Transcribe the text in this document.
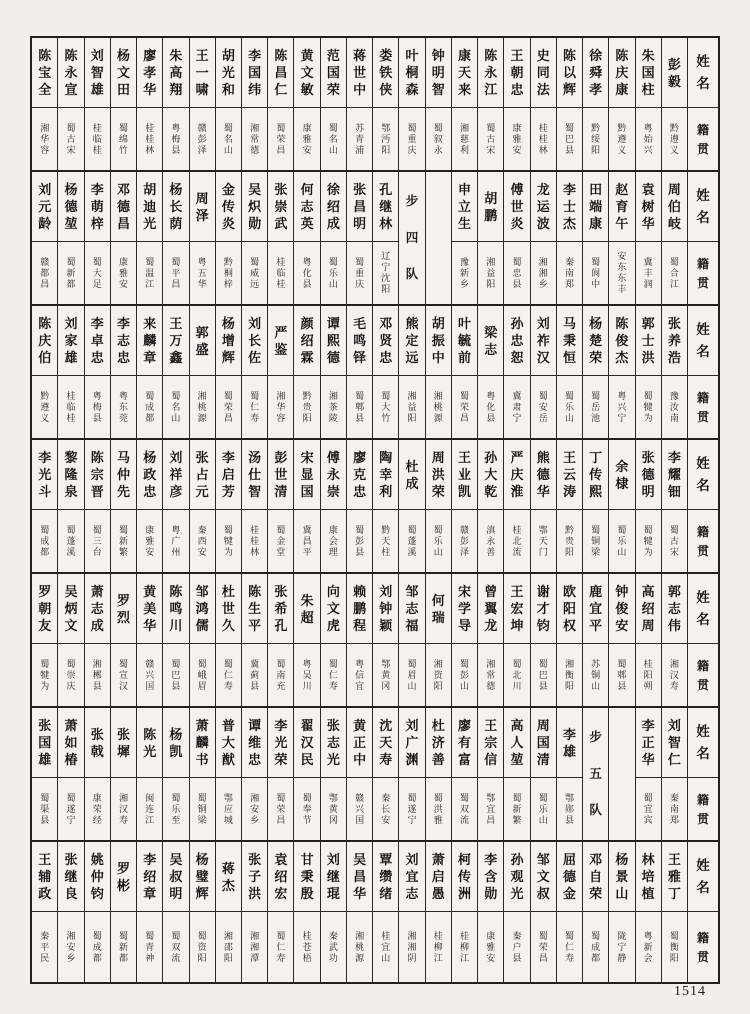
姓
名
籍
贯
彭
毅
黔
遵
义
朱
国
柱
粤
始
兴
陈
庆
康
黔
遵
义
徐
舜
孝
黔
绥
阳
陈
以
辉
蜀
巴
县
史
同
法
桂
桂
林
王
朝
忠
康
雅
安
陈
永
江
蜀
古
宋
康
天
来
湘
慈
利
钟
明
智
蜀
叙
永
叶
桐
森
蜀
重
庆
娄
铁
侠
鄂
沔
阳
蒋
世
中
苏
青
浦
范
国
荣
蜀
名
山
黄
文
敏
康
雅
安
陈
昌
仁
蜀
荣
昌
李
国
纬
湘
常
德
胡
光
和
蜀
名
山
王
一
啸
赣
彭
泽
朱
高
翔
粤
梅
县
廖
孝
华
桂
桂
林
杨
文
田
蜀
绵
竹
刘
智
雄
桂
临
桂
陈
永
宣
蜀
古
宋
陈
宝
全
湘
华
容
姓
名
籍
贯
周
伯
岐
蜀
合
江
袁
树
华
冀
丰
润
赵
育
午
安
东
东
丰
田
端
康
蜀
阆
中
李
士
杰
秦
南
郑
龙
运
波
湘
湘
乡
傅
世
炎
蜀
忠
县
胡
鹏
湘
益
阳
申
立
生
豫
新
乡
步
四
队
孔
继
林
辽
宁
沈
阳
张
昌
明
蜀
重
庆
徐
绍
成
蜀
乐
山
何
志
英
粤
化
县
张
崇
武
桂
临
桂
吴
炽
勋
蜀
威
远
金
传
炎
黔
桐
梓
周
泽
粤
五
华
杨
长
荫
蜀
平
昌
胡
迪
光
蜀
温
江
邓
德
昌
康
雅
安
李
萌
梓
蜀
大
足
杨
德
堃
蜀
新
都
刘
元
龄
赣
都
昌
姓
名
籍
贯
张
养
浩
豫
汝
南
郭
士
洪
蜀
犍
为
陈
俊
杰
粤
兴
宁
杨
楚
荣
蜀
岳
池
马
秉
恒
蜀
乐
山
刘
祚
汉
蜀
安
岳
孙
忠
恕
冀
肃
宁
梁
志
粤
化
县
叶
毓
前
蜀
荣
昌
胡
振
中
湘
桃
源
熊
定
远
湘
益
阳
邓
贤
忠
蜀
大
竹
毛
鸣
铎
蜀
郫
县
谭
熙
德
湘
茶
陵
颜
绍
霖
黔
贵
阳
严
鉴
湘
华
容
刘
长
佐
蜀
仁
寿
杨
增
辉
蜀
荣
昌
郭
盛
湘
桃
源
王
万
鑫
蜀
名
山
来
麟
章
蜀
成
都
李
志
忠
粤
东
莞
李
卓
忠
粤
梅
县
刘
家
雄
桂
临
桂
陈
庆
伯
黔
遵
义
姓
名
籍
贯
李
耀
钿
蜀
古
宋
张
德
明
蜀
犍
为
余
棣
蜀
乐
山
丁
传
熙
蜀
铜
梁
王
云
涛
黔
贵
阳
熊
德
华
鄂
天
门
严
庆
淮
桂
北
流
孙
大
乾
滇
永
善
王
业
凯
赣
彭
泽
周
洪
荣
蜀
乐
山
杜
成
蜀
蓬
溪
陶
幸
利
黔
天
柱
廖
克
忠
蜀
彭
县
傅
永
崇
康
会
理
宋
显
国
冀
昌
平
彭
世
清
蜀
金
堂
汤
仕
智
桂
桂
林
李
启
芳
蜀
犍
为
张
占
元
秦
西
安
刘
祥
彦
粤
广
州
杨
政
忠
康
雅
安
马
仲
先
蜀
新
繁
陈
宗
晋
蜀
三
台
黎
隆
泉
蜀
蓬
溪
李
光
斗
蜀
成
都
姓
名
籍
贯
郭
志
伟
湘
汉
寿
高
绍
周
桂
阳
朔
钟
俊
安
蜀
郫
县
鹿
宜
平
苏
铜
山
欧
阳
权
湘
衡
阳
谢
才
钧
蜀
巴
县
王
宏
坤
蜀
北
川
曾
翼
龙
湘
常
德
宋
学
导
蜀
彭
山
何
瑞
湘
资
阳
邹
志
福
蜀
眉
山
刘
钟
颖
鄂
黄
冈
赖
鹏
程
粤
信
宜
向
文
虎
蜀
仁
寿
朱
超
粤
吴
川
张
希
孔
蜀
南
充
陈
生
平
冀
蓟
县
杜
世
久
蜀
仁
寿
邹
鸿
儒
蜀
峨
眉
陈
鸣
川
蜀
巴
县
黄
美
华
赣
兴
国
罗
烈
蜀
宣
汉
萧
志
成
湘
郴
县
吴
炳
文
蜀
崇
庆
罗
朝
友
蜀
犍
为
姓
名
籍
贯
刘
智
仁
秦
南
郑
李
正
华
蜀
宜
宾
步
五
队
李
雄
鄂
郧
县
周
国
清
蜀
乐
山
高
人
堃
蜀
新
繁
王
宗
信
鄂
宜
昌
廖
有
富
蜀
双
流
杜
济
善
蜀
洪
雅
刘
广
渊
蜀
遂
宁
沈
天
寿
秦
长
安
黄
正
中
赣
兴
国
张
志
光
鄂
黄
冈
翟
汉
民
蜀
奉
节
李
光
荣
蜀
荣
昌
谭
维
忠
湘
安
乡
普
大
猷
鄂
应
城
萧
麟
书
蜀
铜
梁
杨
凯
蜀
乐
至
陈
光
闽
连
江
张
墀
湘
汉
寿
张
戟
康
荣
经
萧
如
椿
蜀
遂
宁
张
国
雄
蜀
渠
县
姓
名
籍
贯
王
雅
丁
蜀
衡
阳
林
培
植
粤
新
会
杨
景
山
陇
宁
静
邓
自
荣
蜀
成
都
屈
德
金
蜀
仁
寿
邹
文
叔
蜀
荣
昌
孙
观
光
秦
户
县
李
含
勋
康
雅
安
柯
传
洲
桂
柳
江
萧
启
愚
桂
柳
江
刘
宜
志
湘
湘
阴
覃
缵
绪
桂
宜
山
吴
昌
华
湘
桃
源
刘
继
琨
秦
武
功
甘
秉
殷
桂
苍
梧
袁
绍
宏
蜀
仁
寿
张
子
洪
湘
湘
潭
蒋
杰
湘
邵
阳
杨
璧
辉
蜀
资
阳
吴
叔
明
蜀
双
流
李
绍
章
蜀
青
神
罗
彬
蜀
新
都
姚
仲
钧
蜀
成
都
张
继
良
湘
安
乡
王
辅
政
秦
平
民
1514
